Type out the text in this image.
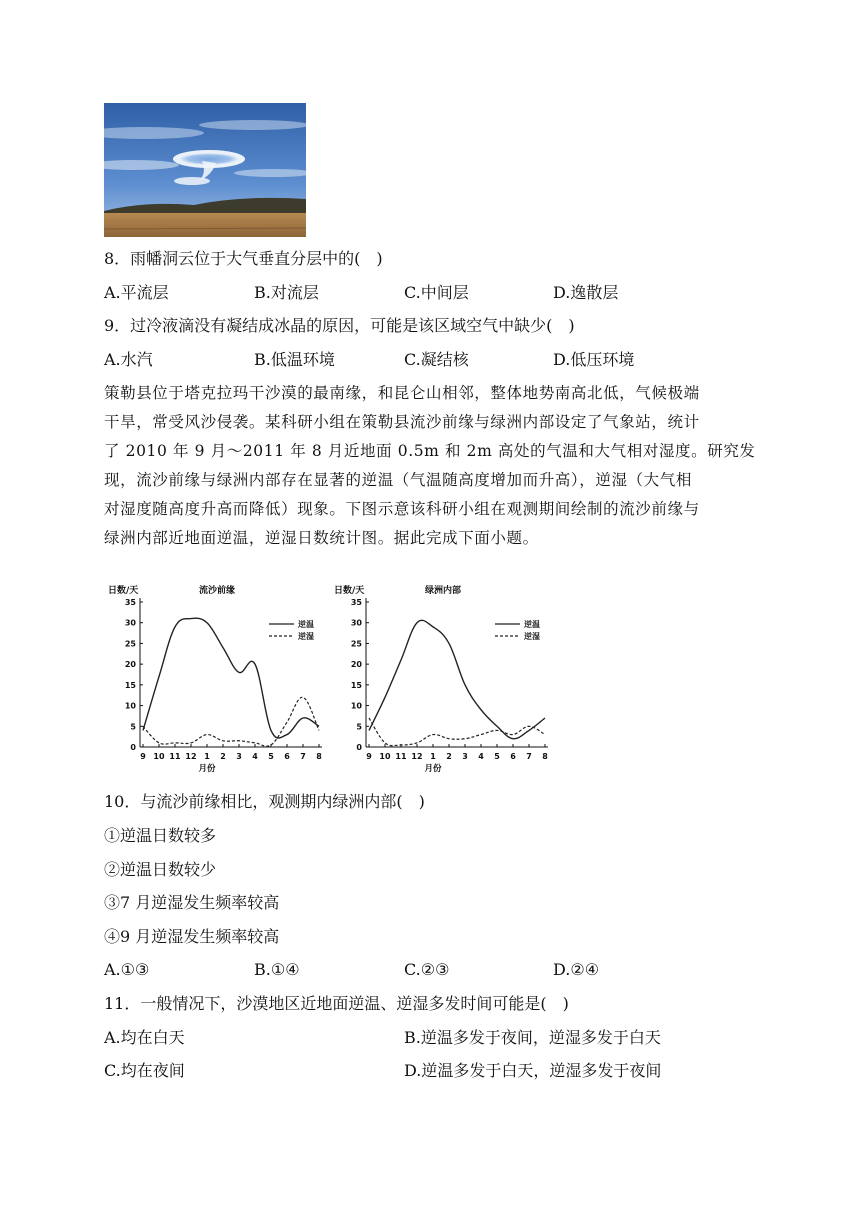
8．雨幡洞云位于大气垂直分层中的(　)
A.平流层	B.对流层	C.中间层	D.逸散层
9．过冷液滴没有凝结成冰晶的原因，可能是该区域空气中缺少(　)
A.水汽	B.低温环境	C.凝结核	D.低压环境
策勒县位于塔克拉玛干沙漠的最南缘，和昆仑山相邻，整体地势南高北低，气候极端
干旱，常受风沙侵袭。某科研小组在策勒县流沙前缘与绿洲内部设定了气象站，统计
了 2010 年 9 月～2011 年 8 月近地面 0.5m 和 2m 高处的气温和大气相对湿度。研究发
现，流沙前缘与绿洲内部存在显著的逆温（气温随高度增加而升高），逆湿（大气相
对湿度随高度升高而降低）现象。下图示意该科研小组在观测期间绘制的流沙前缘与
绿洲内部近地面逆温，逆湿日数统计图。据此完成下面小题。
日数/天	流沙前缘
0
5
10
15
20
25
30
35
9 10 11 12 1 2 3 4 5 6 7 8
月份
逆温
逆湿
日数/天	绿洲内部
0
5
10
15
20
25
30
35
9 10 11 12 1 2 3 4 5 6 7 8
月份
逆温
逆湿
10．与流沙前缘相比，观测期内绿洲内部(　)
①逆温日数较多
②逆温日数较少
③7 月逆湿发生频率较高
④9 月逆湿发生频率较高
A.①③	B.①④	C.②③	D.②④
11．一般情况下，沙漠地区近地面逆温、逆湿多发时间可能是(　)
A.均在白天	B.逆温多发于夜间，逆湿多发于白天
C.均在夜间	D.逆温多发于白天，逆湿多发于夜间
